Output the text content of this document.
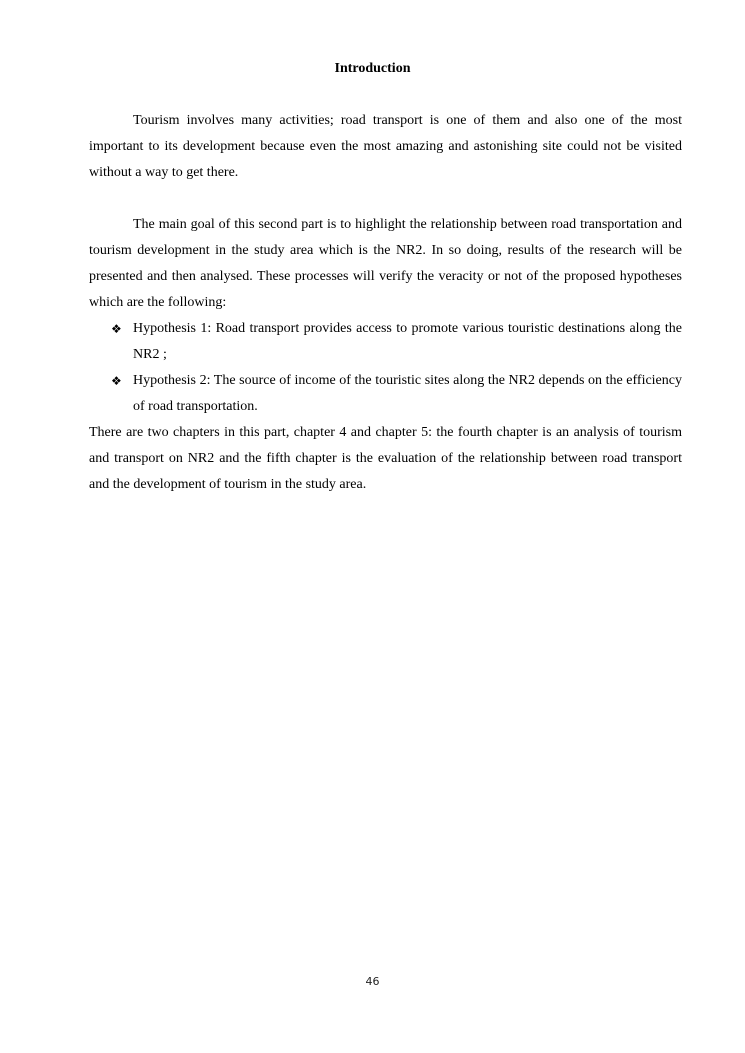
Introduction

Tourism involves many activities; road transport is one of them and also one of the most important to its development because even the most amazing and astonishing site could not be visited without a way to get there.

The main goal of this second part is to highlight the relationship between road transportation and tourism development in the study area which is the NR2. In so doing, results of the research will be presented and then analysed. These processes will verify the veracity or not of the proposed hypotheses which are the following:

❖ Hypothesis 1: Road transport provides access to promote various touristic destinations along the NR2 ;
❖ Hypothesis 2: The source of income of the touristic sites along the NR2 depends on the efficiency of road transportation.

There are two chapters in this part, chapter 4 and chapter 5: the fourth chapter is an analysis of tourism and transport on NR2 and the fifth chapter is the evaluation of the relationship between road transport and the development of tourism in the study area.

46
